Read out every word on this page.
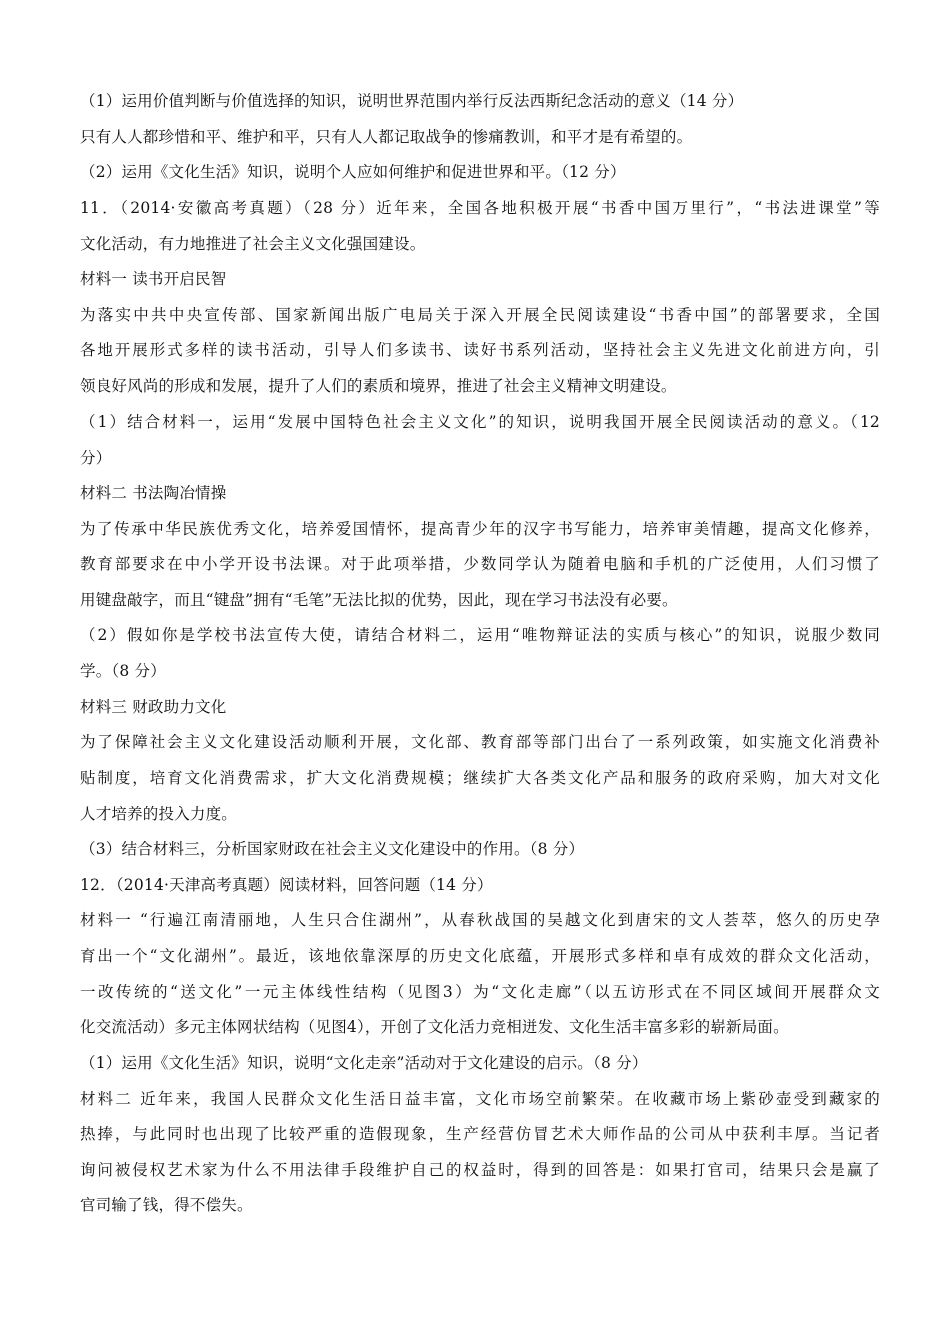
（1）运用价值判断与价值选择的知识，说明世界范围内举行反法西斯纪念活动的意义（14 分）
只有人人都珍惜和平、维护和平，只有人人都记取战争的惨痛教训，和平才是有希望的。
（2）运用《文化生活》知识，说明个人应如何维护和促进世界和平。（12 分）
11．（2014·安徽高考真题）（28 分）近年来，全国各地积极开展“书香中国万里行”，“书法进课堂”等
文化活动，有力地推进了社会主义文化强国建设。
材料一 读书开启民智
为落实中共中央宣传部、国家新闻出版广电局关于深入开展全民阅读建设“书香中国”的部署要求，全国
各地开展形式多样的读书活动，引导人们多读书、读好书系列活动，坚持社会主义先进文化前进方向，引
领良好风尚的形成和发展，提升了人们的素质和境界，推进了社会主义精神文明建设。
（1）结合材料一，运用“发展中国特色社会主义文化”的知识，说明我国开展全民阅读活动的意义。（12
分）
材料二 书法陶冶情操
为了传承中华民族优秀文化，培养爱国情怀，提高青少年的汉字书写能力，培养审美情趣，提高文化修养，
教育部要求在中小学开设书法课。对于此项举措，少数同学认为随着电脑和手机的广泛使用，人们习惯了
用键盘敲字，而且“键盘”拥有“毛笔”无法比拟的优势，因此，现在学习书法没有必要。
（2）假如你是学校书法宣传大使，请结合材料二，运用“唯物辩证法的实质与核心”的知识，说服少数同
学。（8 分）
材料三 财政助力文化
为了保障社会主义文化建设活动顺利开展，文化部、教育部等部门出台了一系列政策，如实施文化消费补
贴制度，培育文化消费需求，扩大文化消费规模；继续扩大各类文化产品和服务的政府采购，加大对文化
人才培养的投入力度。
（3）结合材料三，分析国家财政在社会主义文化建设中的作用。（8 分）
12．（2014·天津高考真题）阅读材料，回答问题（14 分）
材料一 “行遍江南清丽地，人生只合住湖州”，从春秋战国的吴越文化到唐宋的文人荟萃，悠久的历史孕
育出一个“文化湖州”。最近，该地依靠深厚的历史文化底蕴，开展形式多样和卓有成效的群众文化活动，
一改传统的“送文化”一元主体线性结构（见图3）为“文化走廊”（以五访形式在不同区域间开展群众文
化交流活动）多元主体网状结构（见图4），开创了文化活力竞相迸发、文化生活丰富多彩的崭新局面。
（1）运用《文化生活》知识，说明“文化走亲”活动对于文化建设的启示。（8 分）
材料二 近年来，我国人民群众文化生活日益丰富，文化市场空前繁荣。在收藏市场上紫砂壶受到藏家的
热捧，与此同时也出现了比较严重的造假现象，生产经营仿冒艺术大师作品的公司从中获利丰厚。当记者
询问被侵权艺术家为什么不用法律手段维护自己的权益时，得到的回答是：如果打官司，结果只会是赢了
官司输了钱，得不偿失。
